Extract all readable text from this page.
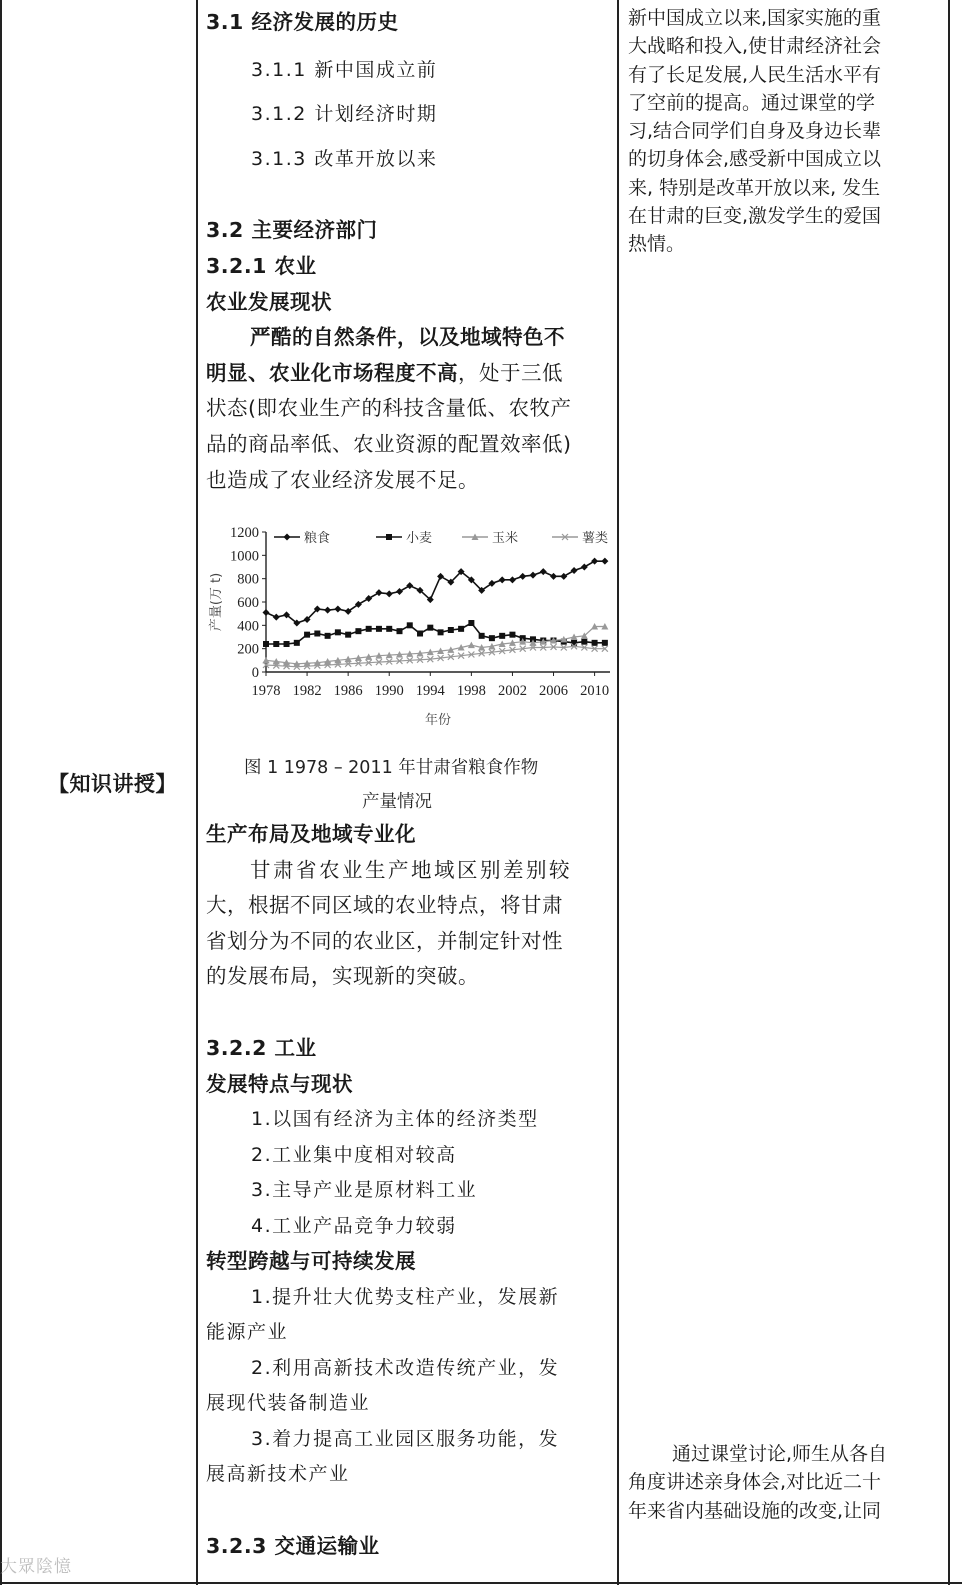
【知识讲授】
3.1 经济发展的历史
3.1.1 新中国成立前
3.1.2 计划经济时期
3.1.3 改革开放以来
3.2 主要经济部门
3.2.1 农业
农业发展现状
严酷的自然条件，以及地域特色不
明显、农业化市场程度不高，处于三低
状态(即农业生产的科技含量低、农牧产
品的商品率低、农业资源的配置效率低)
也造成了农业经济发展不足。
0
200
400
600
800
1000
1200
1978 1982 1986 1990 1994 1998 2002 2006 2010
产量(万 t)
年份
粮食	小麦	玉米	薯类
图 1 1978 – 2011 年甘肃省粮食作物
产量情况
生产布局及地域专业化
甘肃省农业生产地域区别差别较
大，根据不同区域的农业特点，将甘肃
省划分为不同的农业区，并制定针对性
的发展布局，实现新的突破。
3.2.2 工业
发展特点与现状
1.以国有经济为主体的经济类型
2.工业集中度相对较高
3.主导产业是原材料工业
4.工业产品竞争力较弱
转型跨越与可持续发展
1.提升壮大优势支柱产业，发展新
能源产业
2.利用高新技术改造传统产业，发
展现代装备制造业
3.着力提高工业园区服务功能，发
展高新技术产业
3.2.3 交通运输业
新中国成立以来,国家实施的重
大战略和投入,使甘肃经济社会
有了长足发展,人民生活水平有
了空前的提高。通过课堂的学
习,结合同学们自身及身边长辈
的切身体会,感受新中国成立以
来, 特别是改革开放以来, 发生
在甘肃的巨变,激发学生的爱国
热情。
通过课堂讨论,师生从各自
角度讲述亲身体会,对比近二十
年来省内基础设施的改变,让同
大眾陰憶
